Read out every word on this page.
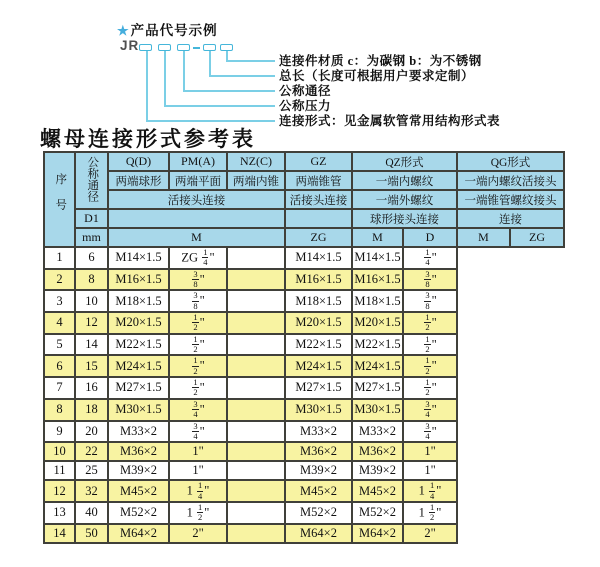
★产品代号示例
JR
连接件材质 c：为碳钢 b：为不锈钢
总长（长度可根据用户要求定制）
公称通径
公称压力
连接形式：见金属软管常用结构形式表
螺母连接形式参考表
序号	公称通径	Q(D)	PM(A)	NZ(C)	GZ	QZ形式		QG形式	
		两端球形	两端平面	两端内锥	两端锥管	一端内螺纹		一端内螺纹活接头	
		活接头连接			活接头连接	一端外螺纹		一端锥管螺纹接头	
	D1					球形接头连接		连接	
	mm	M			ZG	M	D	M	ZG
1	6	M14×1.5	ZG $\frac{1}{4}$ "		M14×1.5	M14×1.5	$\frac{1}{4}$ "		
2	8	M16×1.5	$\frac{3}{8}$ "		M16×1.5	M16×1.5	$\frac{3}{8}$ "		
3	10	M18×1.5	$\frac{3}{8}$ "		M18×1.5	M18×1.5	$\frac{3}{8}$ "		
4	12	M20×1.5	$\frac{1}{2}$ "		M20×1.5	M20×1.5	$\frac{1}{2}$ "		
5	14	M22×1.5	$\frac{1}{2}$ "		M22×1.5	M22×1.5	$\frac{1}{2}$ "		
6	15	M24×1.5	$\frac{1}{2}$ "		M24×1.5	M24×1.5	$\frac{1}{2}$ "		
7	16	M27×1.5	$\frac{1}{2}$ "		M27×1.5	M27×1.5	$\frac{1}{2}$ "		
8	18	M30×1.5	$\frac{3}{4}$ "		M30×1.5	M30×1.5	$\frac{3}{4}$ "		
9	20	M33×2	$\frac{3}{4}$ "		M33×2	M33×2	$\frac{3}{4}$ "		
10	22	M36×2	1"		M36×2	M36×2	1"		
11	25	M39×2	1"		M39×2	M39×2	1"		
12	32	M45×2	$1 \frac{1}{4}$ "		M45×2	M45×2	$1 \frac{1}{4}$ "		
13	40	M52×2	$1 \frac{1}{2}$ "		M52×2	M52×2	$1 \frac{1}{2}$ "		
14	50	M64×2	2"		M64×2	M64×2	2"		
